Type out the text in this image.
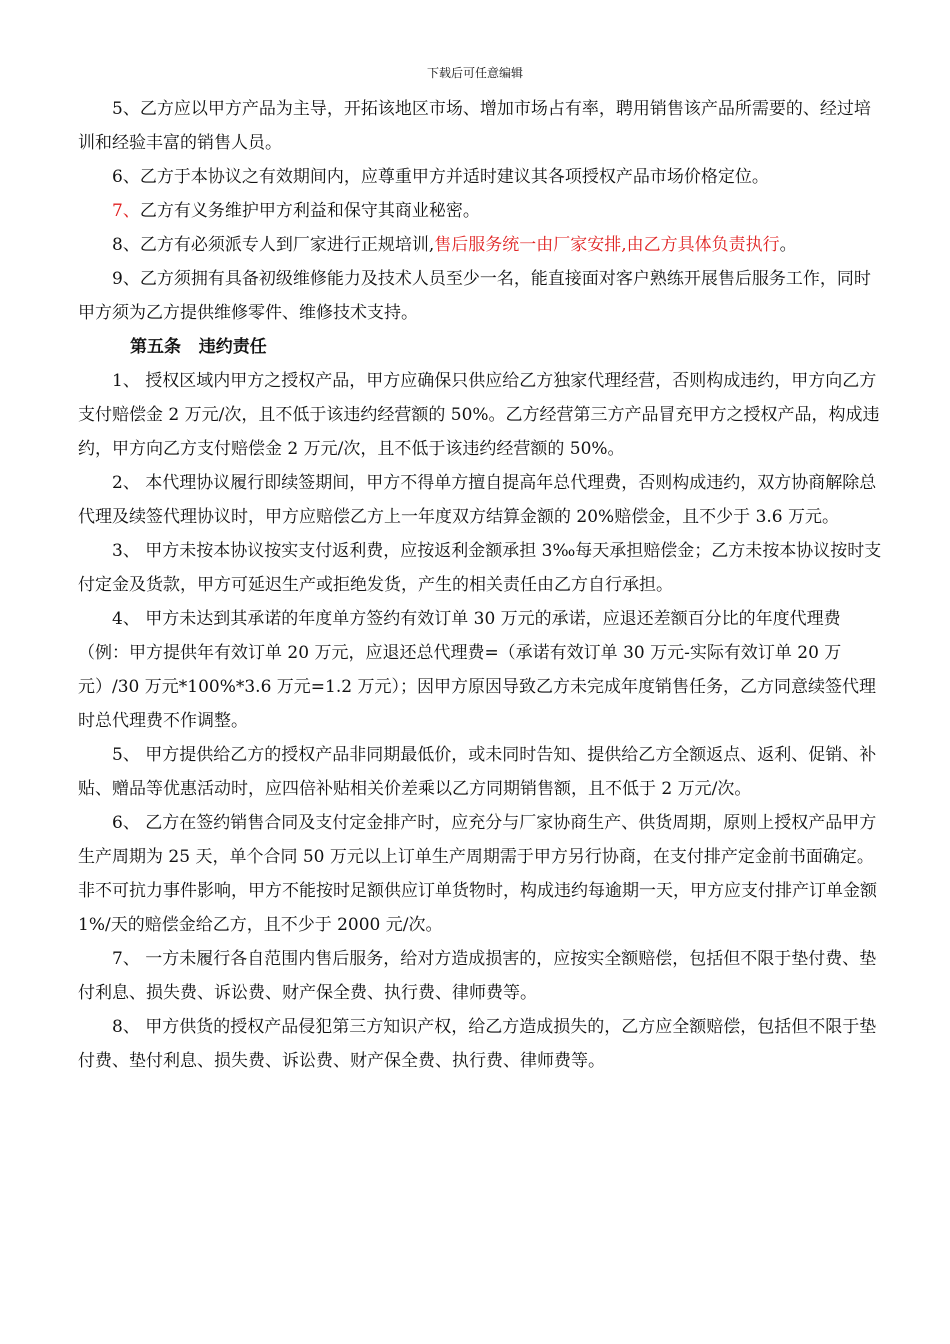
下载后可任意编辑

5、乙方应以甲方产品为主导，开拓该地区市场、增加市场占有率，聘用销售该产品所需要的、经过培训和经验丰富的销售人员。

6、乙方于本协议之有效期间内，应尊重甲方并适时建议其各项授权产品市场价格定位。

7、乙方有义务维护甲方利益和保守其商业秘密。

8、乙方有必须派专人到厂家进行正规培训,售后服务统一由厂家安排,由乙方具体负责执行。

9、乙方须拥有具备初级维修能力及技术人员至少一名，能直接面对客户熟练开展售后服务工作，同时甲方须为乙方提供维修零件、维修技术支持。

第五条 违约责任

1、 授权区域内甲方之授权产品，甲方应确保只供应给乙方独家代理经营，否则构成违约，甲方向乙方支付赔偿金 2 万元/次，且不低于该违约经营额的 50%。乙方经营第三方产品冒充甲方之授权产品，构成违约，甲方向乙方支付赔偿金 2 万元/次，且不低于该违约经营额的 50%。

2、 本代理协议履行即续签期间，甲方不得单方擅自提高年总代理费，否则构成违约，双方协商解除总代理及续签代理协议时，甲方应赔偿乙方上一年度双方结算金额的 20%赔偿金，且不少于 3.6 万元。

3、 甲方未按本协议按实支付返利费，应按返利金额承担 3‰每天承担赔偿金；乙方未按本协议按时支付定金及货款，甲方可延迟生产或拒绝发货，产生的相关责任由乙方自行承担。

4、 甲方未达到其承诺的年度单方签约有效订单 30 万元的承诺，应退还差额百分比的年度代理费（例：甲方提供年有效订单 20 万元，应退还总代理费=（承诺有效订单 30 万元-实际有效订单 20 万元）/30 万元*100%*3.6 万元=1.2 万元）；因甲方原因导致乙方未完成年度销售任务，乙方同意续签代理时总代理费不作调整。

5、 甲方提供给乙方的授权产品非同期最低价，或未同时告知、提供给乙方全额返点、返利、促销、补贴、赠品等优惠活动时，应四倍补贴相关价差乘以乙方同期销售额，且不低于 2 万元/次。

6、 乙方在签约销售合同及支付定金排产时，应充分与厂家协商生产、供货周期，原则上授权产品甲方生产周期为 25 天，单个合同 50 万元以上订单生产周期需于甲方另行协商，在支付排产定金前书面确定。非不可抗力事件影响，甲方不能按时足额供应订单货物时，构成违约每逾期一天，甲方应支付排产订单金额 1%/天的赔偿金给乙方，且不少于 2000 元/次。

7、 一方未履行各自范围内售后服务，给对方造成损害的，应按实全额赔偿，包括但不限于垫付费、垫付利息、损失费、诉讼费、财产保全费、执行费、律师费等。

8、 甲方供货的授权产品侵犯第三方知识产权，给乙方造成损失的，乙方应全额赔偿，包括但不限于垫付费、垫付利息、损失费、诉讼费、财产保全费、执行费、律师费等。
